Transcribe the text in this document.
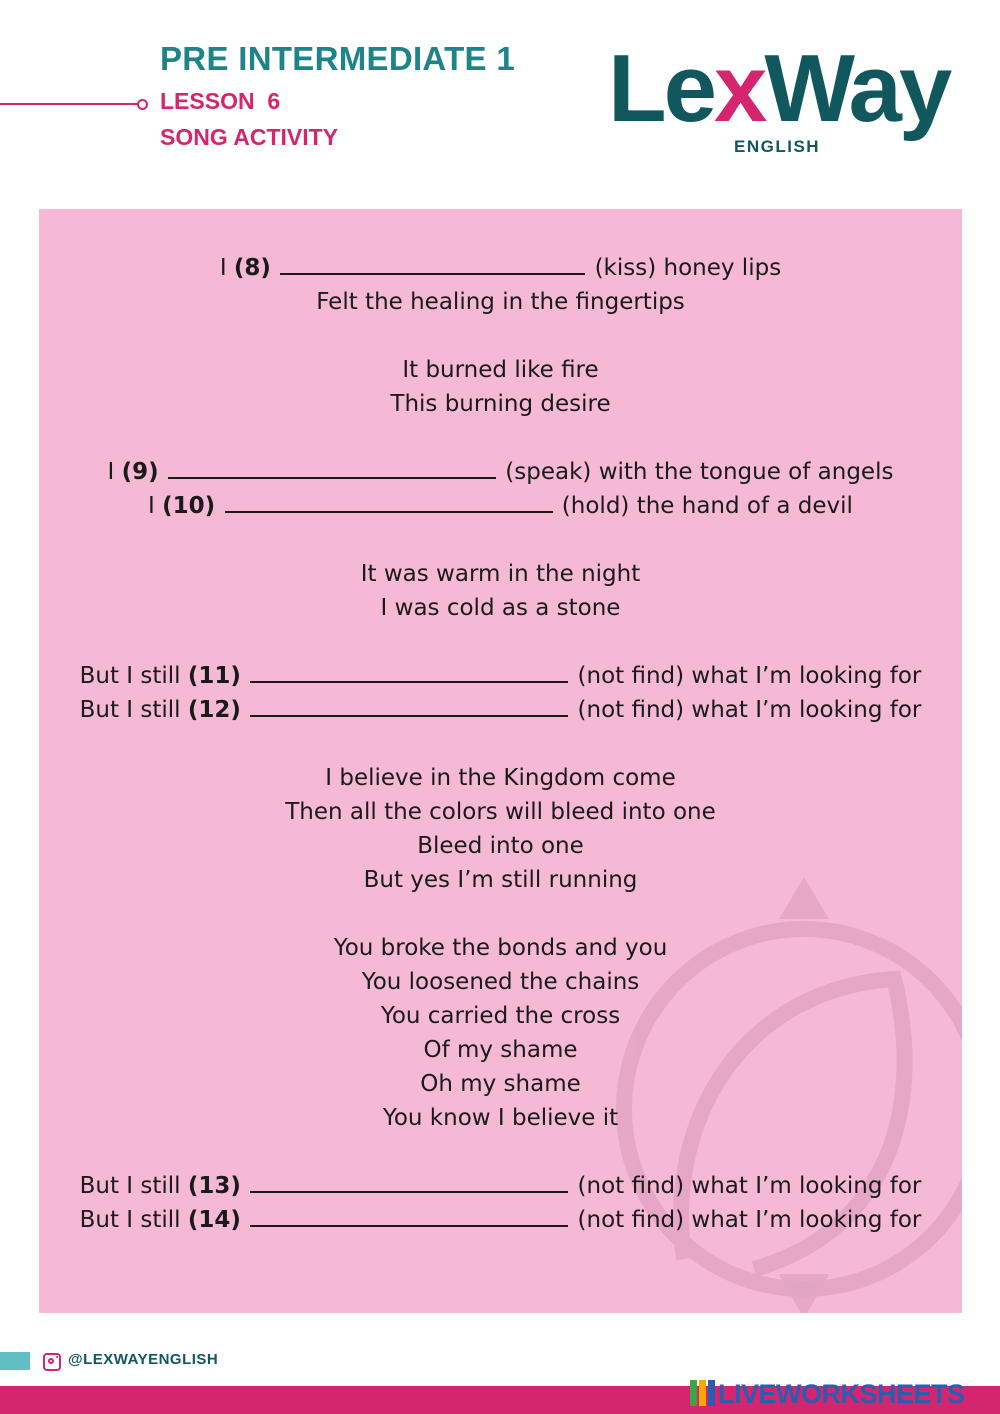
PRE INTERMEDIATE 1
LESSON  6
SONG ACTIVITY	LexWay
ENGLISH
I (8)	(kiss) honey lips
Felt the healing in the fingertips
It burned like fire
This burning desire
I (9)	(speak) with the tongue of angels
I (10)	(hold) the hand of a devil
It was warm in the night
I was cold as a stone
But I still (11)	(not find) what I’m looking for
But I still (12)	(not find) what I’m looking for
I believe in the Kingdom come
Then all the colors will bleed into one
Bleed into one
But yes I’m still running
You broke the bonds and you
You loosened the chains
You carried the cross
Of my shame
Oh my shame
You know I believe it
But I still (13)	(not find) what I’m looking for
But I still (14)	(not find) what I’m looking for
@LEXWAYENGLISH
LIVEWORKSHEETS
